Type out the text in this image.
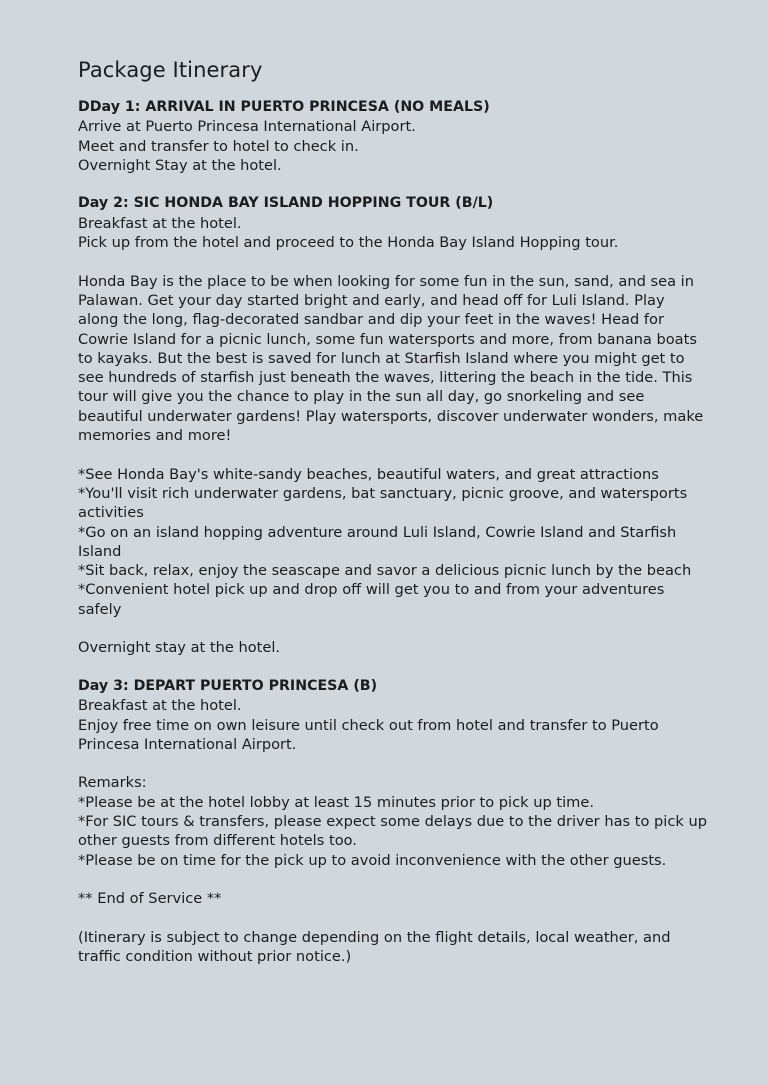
Package Itinerary

DDay 1: ARRIVAL IN PUERTO PRINCESA (NO MEALS)

Arrive at Puerto Princesa International Airport.

Meet and transfer to hotel to check in.

Overnight Stay at the hotel.

Day 2: SIC HONDA BAY ISLAND HOPPING TOUR (B/L)

Breakfast at the hotel.

Pick up from the hotel and proceed to the Honda Bay Island Hopping tour.

Honda Bay is the place to be when looking for some fun in the sun, sand, and sea in Palawan. Get your day started bright and early, and head off for Luli Island. Play along the long, flag-decorated sandbar and dip your feet in the waves! Head for Cowrie Island for a picnic lunch, some fun watersports and more, from banana boats to kayaks. But the best is saved for lunch at Starfish Island where you might get to see hundreds of starfish just beneath the waves, littering the beach in the tide. This tour will give you the chance to play in the sun all day, go snorkeling and see beautiful underwater gardens! Play watersports, discover underwater wonders, make memories and more!

*See Honda Bay's white-sandy beaches, beautiful waters, and great attractions

*You'll visit rich underwater gardens, bat sanctuary, picnic groove, and watersports activities

*Go on an island hopping adventure around Luli Island, Cowrie Island and Starfish Island

*Sit back, relax, enjoy the seascape and savor a delicious picnic lunch by the beach

*Convenient hotel pick up and drop off will get you to and from your adventures safely

Overnight stay at the hotel.

Day 3: DEPART PUERTO PRINCESA (B)

Breakfast at the hotel.

Enjoy free time on own leisure until check out from hotel and transfer to Puerto Princesa International Airport.

Remarks:

*Please be at the hotel lobby at least 15 minutes prior to pick up time.

*For SIC tours & transfers, please expect some delays due to the driver has to pick up other guests from different hotels too.

*Please be on time for the pick up to avoid inconvenience with the other guests.

** End of Service **

(Itinerary is subject to change depending on the flight details, local weather, and traffic condition without prior notice.)
